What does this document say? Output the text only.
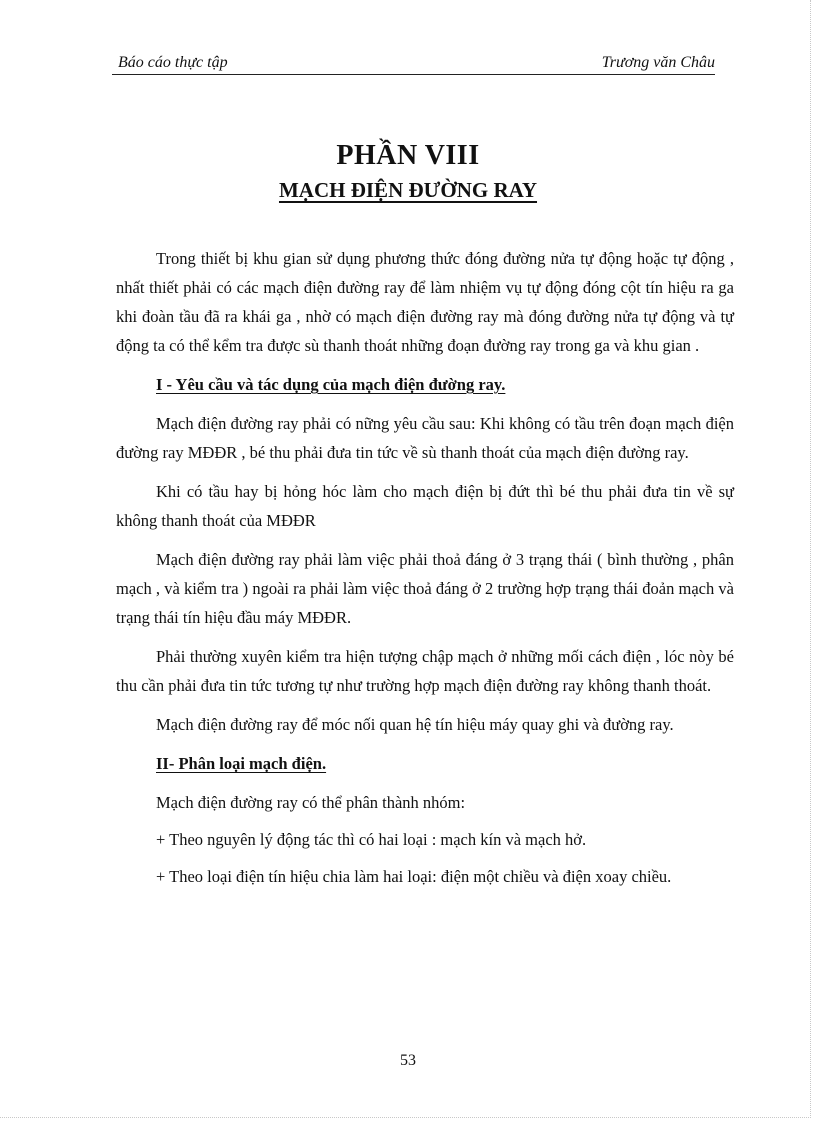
Báo cáo thực tập	Trương văn Châu
PHẦN VIII
MẠCH ĐIỆN ĐƯỜNG RAY

Trong thiết bị khu gian sử dụng phương thức đóng đường nửa tự động hoặc tự động , nhất thiết phải có các mạch điện đường ray để làm nhiệm vụ tự động đóng cột tín hiệu ra ga khi đoàn tầu đã ra khái ga , nhờ có mạch điện đường ray mà đóng đường nửa tự động và tự động ta có thể kểm tra được sù thanh thoát những đoạn đường ray trong ga và khu gian .

I - Yêu cầu và tác dụng của mạch điện đường ray.

Mạch điện đường ray phải có nững yêu cầu sau: Khi không có tầu trên đoạn mạch điện đường ray MĐĐR , bé thu phải đưa tin tức về sù thanh thoát của mạch điện đường ray.

Khi có tầu hay bị hỏng hóc làm cho mạch điện bị đứt thì bé thu phải đưa tin về sự không thanh thoát của MĐĐR

Mạch điện đường ray phải làm việc phải thoả đáng ở 3 trạng thái ( bình thường , phân mạch , và kiểm tra ) ngoài ra phải làm việc thoả đáng ở 2 trường hợp trạng thái đoản mạch và trạng thái tín hiệu đầu máy MĐĐR.

Phải thường xuyên kiểm tra hiện tượng chập mạch ở những mối cách điện , lóc nòy bé thu cần phải đưa tin tức tương tự như trường hợp mạch điện đường ray không thanh thoát.

Mạch điện đường ray để móc nối quan hệ tín hiệu máy quay ghi và đường ray.

II- Phân loại mạch điện.

Mạch điện đường ray có thể phân thành nhóm:

+ Theo nguyên lý động tác thì có hai loại : mạch kín và mạch hở.

+ Theo loại điện tín hiệu chia làm hai loại: điện một chiều và điện xoay chiều.

53
